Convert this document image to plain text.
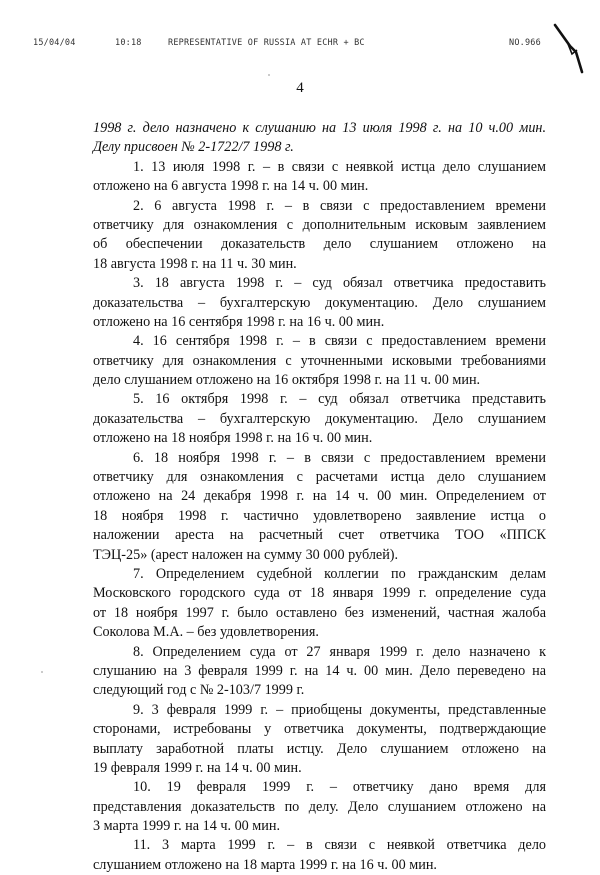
15/04/04	10:18	REPRESENTATIVE OF RUSSIA AT ECHR + BC	NO.966
4
1998 г. дело назначено к слушанию на 13 июля 1998 г. на 10 ч.00 мин.
Делу присвоен № 2-1722/7 1998 г.
1. 13 июля 1998 г. – в связи с неявкой истца дело слушанием
отложено на 6 августа 1998 г. на 14 ч. 00 мин.
2. 6 августа 1998 г. – в связи с предоставлением времени
ответчику для ознакомления с дополнительным исковым заявлением
об обеспечении доказательств дело слушанием отложено на
18 августа 1998 г. на 11 ч. 30 мин.
3. 18 августа 1998 г. – суд обязал ответчика предоставить
доказательства – бухгалтерскую документацию. Дело слушанием
отложено на 16 сентября 1998 г. на 16 ч. 00 мин.
4. 16 сентября 1998 г. – в связи с предоставлением времени
ответчику для ознакомления с уточненными исковыми требованиями
дело слушанием отложено на 16 октября 1998 г. на 11 ч. 00 мин.
5. 16 октября 1998 г. – суд обязал ответчика представить
доказательства – бухгалтерскую документацию. Дело слушанием
отложено на 18 ноября 1998 г. на 16 ч. 00 мин.
6. 18 ноября 1998 г. – в связи с предоставлением времени
ответчику для ознакомления с расчетами истца дело слушанием
отложено на 24 декабря 1998 г. на 14 ч. 00 мин. Определением от
18 ноября 1998 г. частично удовлетворено заявление истца о
наложении ареста на расчетный счет ответчика ТОО «ППСК
ТЭЦ-25» (арест наложен на сумму 30 000 рублей).
7. Определением судебной коллегии по гражданским делам
Московского городского суда от 18 января 1999 г. определение суда
от 18 ноября 1997 г. было оставлено без изменений, частная жалоба
Соколова М.А. – без удовлетворения.
8. Определением суда от 27 января 1999 г. дело назначено к
слушанию на 3 февраля 1999 г. на 14 ч. 00 мин. Дело переведено на
следующий год с № 2-103/7 1999 г.
9. 3 февраля 1999 г. – приобщены документы, представленные
сторонами, истребованы у ответчика документы, подтверждающие
выплату заработной платы истцу. Дело слушанием отложено на
19 февраля 1999 г. на 14 ч. 00 мин.
10. 19 февраля 1999 г. – ответчику дано время для
представления доказательств по делу. Дело слушанием отложено на
3 марта 1999 г. на 14 ч. 00 мин.
11. 3 марта 1999 г. – в связи с неявкой ответчика дело
слушанием отложено на 18 марта 1999 г. на 16 ч. 00 мин.
